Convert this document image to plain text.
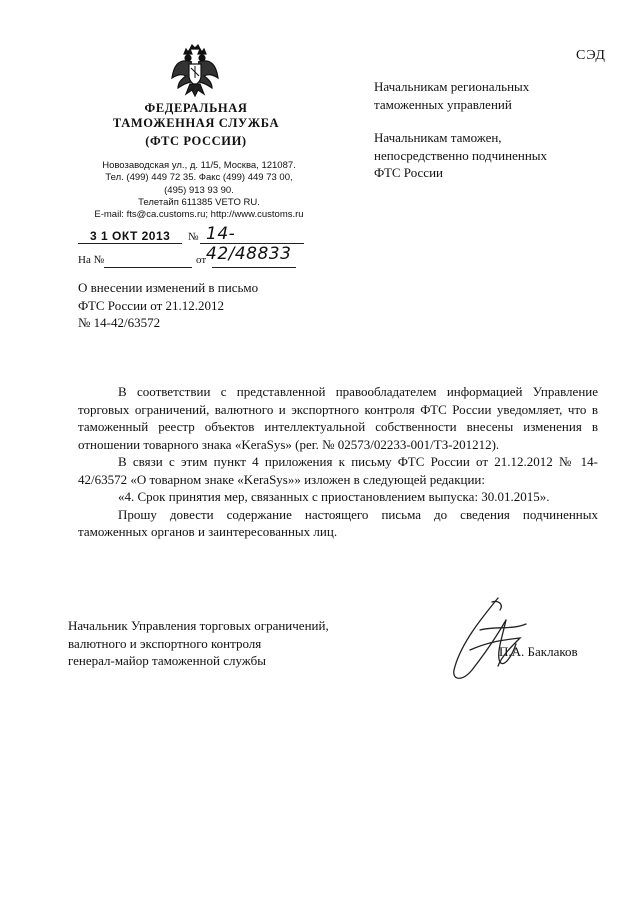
СЭД
ФЕДЕРАЛЬНАЯ
ТАМОЖЕННАЯ СЛУЖБА
(ФТС РОССИИ)
Новозаводская ул., д. 11/5, Москва, 121087.
Тел. (499) 449 72 35. Факс (499) 449 73 00,
(495) 913 93 90.
Телетайп 611385 VETO RU.
E-mail: fts@ca.customs.ru; http://www.customs.ru
3 1 ОКТ 2013 № 14-42/48833
На №	от
О внесении изменений в письмо
ФТС России от 21.12.2012
№ 14-42/63572
Начальникам региональных
таможенных управлений
Начальникам таможен,
непосредственно подчиненных
ФТС России

В соответствии с представленной правообладателем информацией Управление торговых ограничений, валютного и экспортного контроля ФТС России уведомляет, что в таможенный реестр объектов интеллектуальной собственности внесены изменения в отношении товарного знака «KeraSys» (рег. № 02573/02233-001/ТЗ-201212).

В связи с этим пункт 4 приложения к письму ФТС России от 21.12.2012 № 14-42/63572 «О товарном знаке «KeraSys»» изложен в следующей редакции:

«4. Срок принятия мер, связанных с приостановлением выпуска: 30.01.2015».

Прошу довести содержание настоящего письма до сведения подчиненных таможенных органов и заинтересованных лиц.

Начальник Управления торговых ограничений,
валютного и экспортного контроля
генерал-майор таможенной службы
П.А. Баклаков
